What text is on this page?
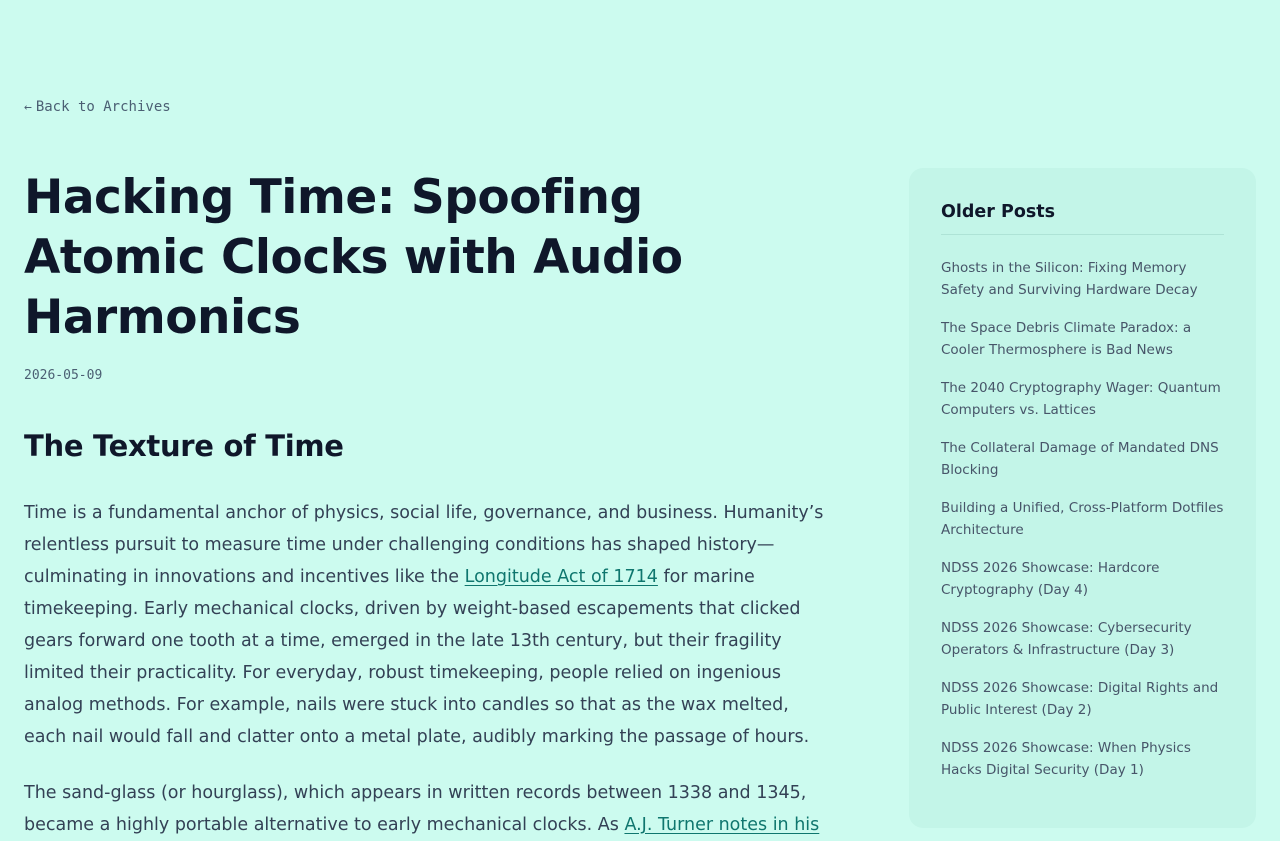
← Back to Archives
Hacking Time: Spoofing Atomic Clocks with Audio Harmonics
2026-05-09
The Texture of Time

Time is a fundamental anchor of physics, social life, governance, and business. Humanity’s relentless pursuit to measure time under challenging conditions has shaped history—culminating in innovations and incentives like the Longitude Act of 1714 for marine timekeeping. Early mechanical clocks, driven by weight-based escapements that clicked gears forward one tooth at a time, emerged in the late 13th century, but their fragility limited their practicality. For everyday, robust timekeeping, people relied on ingenious analog methods. For example, nails were stuck into candles so that as the wax melted, each nail would fall and clatter onto a metal plate, audibly marking the passage of hours.

The sand-glass (or hourglass), which appears in written records between 1338 and 1345, became a highly portable alternative to early mechanical clocks. As A.J. Turner notes in his

Older Posts
Ghosts in the Silicon: Fixing Memory Safety and Surviving Hardware Decay
The Space Debris Climate Paradox: a Cooler Thermosphere is Bad News
The 2040 Cryptography Wager: Quantum Computers vs. Lattices
The Collateral Damage of Mandated DNS Blocking
Building a Unified, Cross-Platform Dotfiles Architecture
NDSS 2026 Showcase: Hardcore Cryptography (Day 4)
NDSS 2026 Showcase: Cybersecurity Operators & Infrastructure (Day 3)
NDSS 2026 Showcase: Digital Rights and Public Interest (Day 2)
NDSS 2026 Showcase: When Physics Hacks Digital Security (Day 1)
